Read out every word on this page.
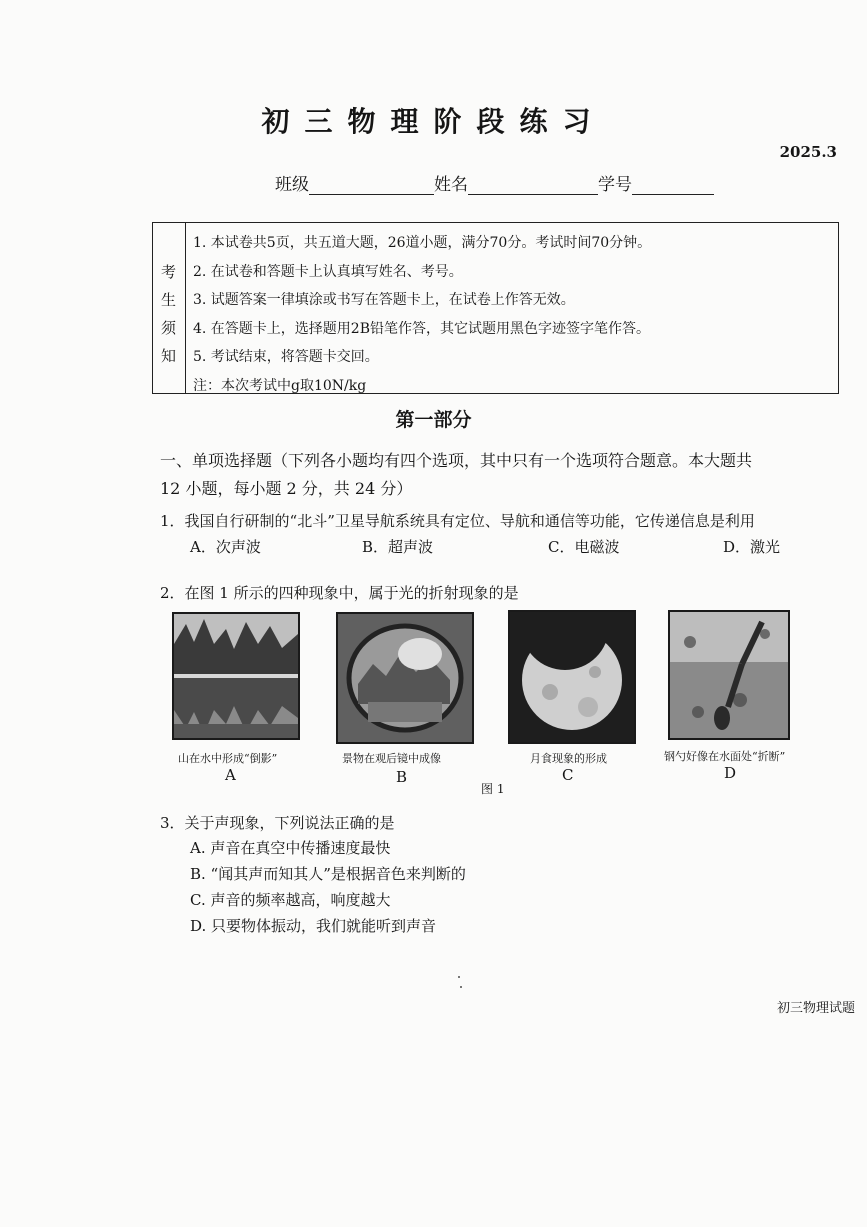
初三物理阶段练习
2025.3
班级	姓名	学号
考
生
须
知
1. 本试卷共5页，共五道大题，26道小题，满分70分。考试时间70分钟。
2. 在试卷和答题卡上认真填写姓名、考号。
3. 试题答案一律填涂或书写在答题卡上，在试卷上作答无效。
4. 在答题卡上，选择题用2B铅笔作答，其它试题用黑色字迹签字笔作答。
5. 考试结束，将答题卡交回。
注：本次考试中g取10N/kg
第一部分
一、单项选择题（下列各小题均有四个选项，其中只有一个选项符合题意。本大题共
12 小题，每小题 2 分，共 24 分）
1．我国自行研制的“北斗”卫星导航系统具有定位、导航和通信等功能，它传递信息是利用
A．次声波	B．超声波	C．电磁波	D．激光
2．在图 1 所示的四种现象中，属于光的折射现象的是
山在水中形成“倒影”	景物在观后镜中成像	月食现象的形成	钢勺好像在水面处“折断”
A	B	C	D
图 1
3．关于声现象，下列说法正确的是
A. 声音在真空中传播速度最快
B. “闻其声而知其人”是根据音色来判断的
C. 声音的频率越高，响度越大
D. 只要物体振动，我们就能听到声音
初三物理试题
